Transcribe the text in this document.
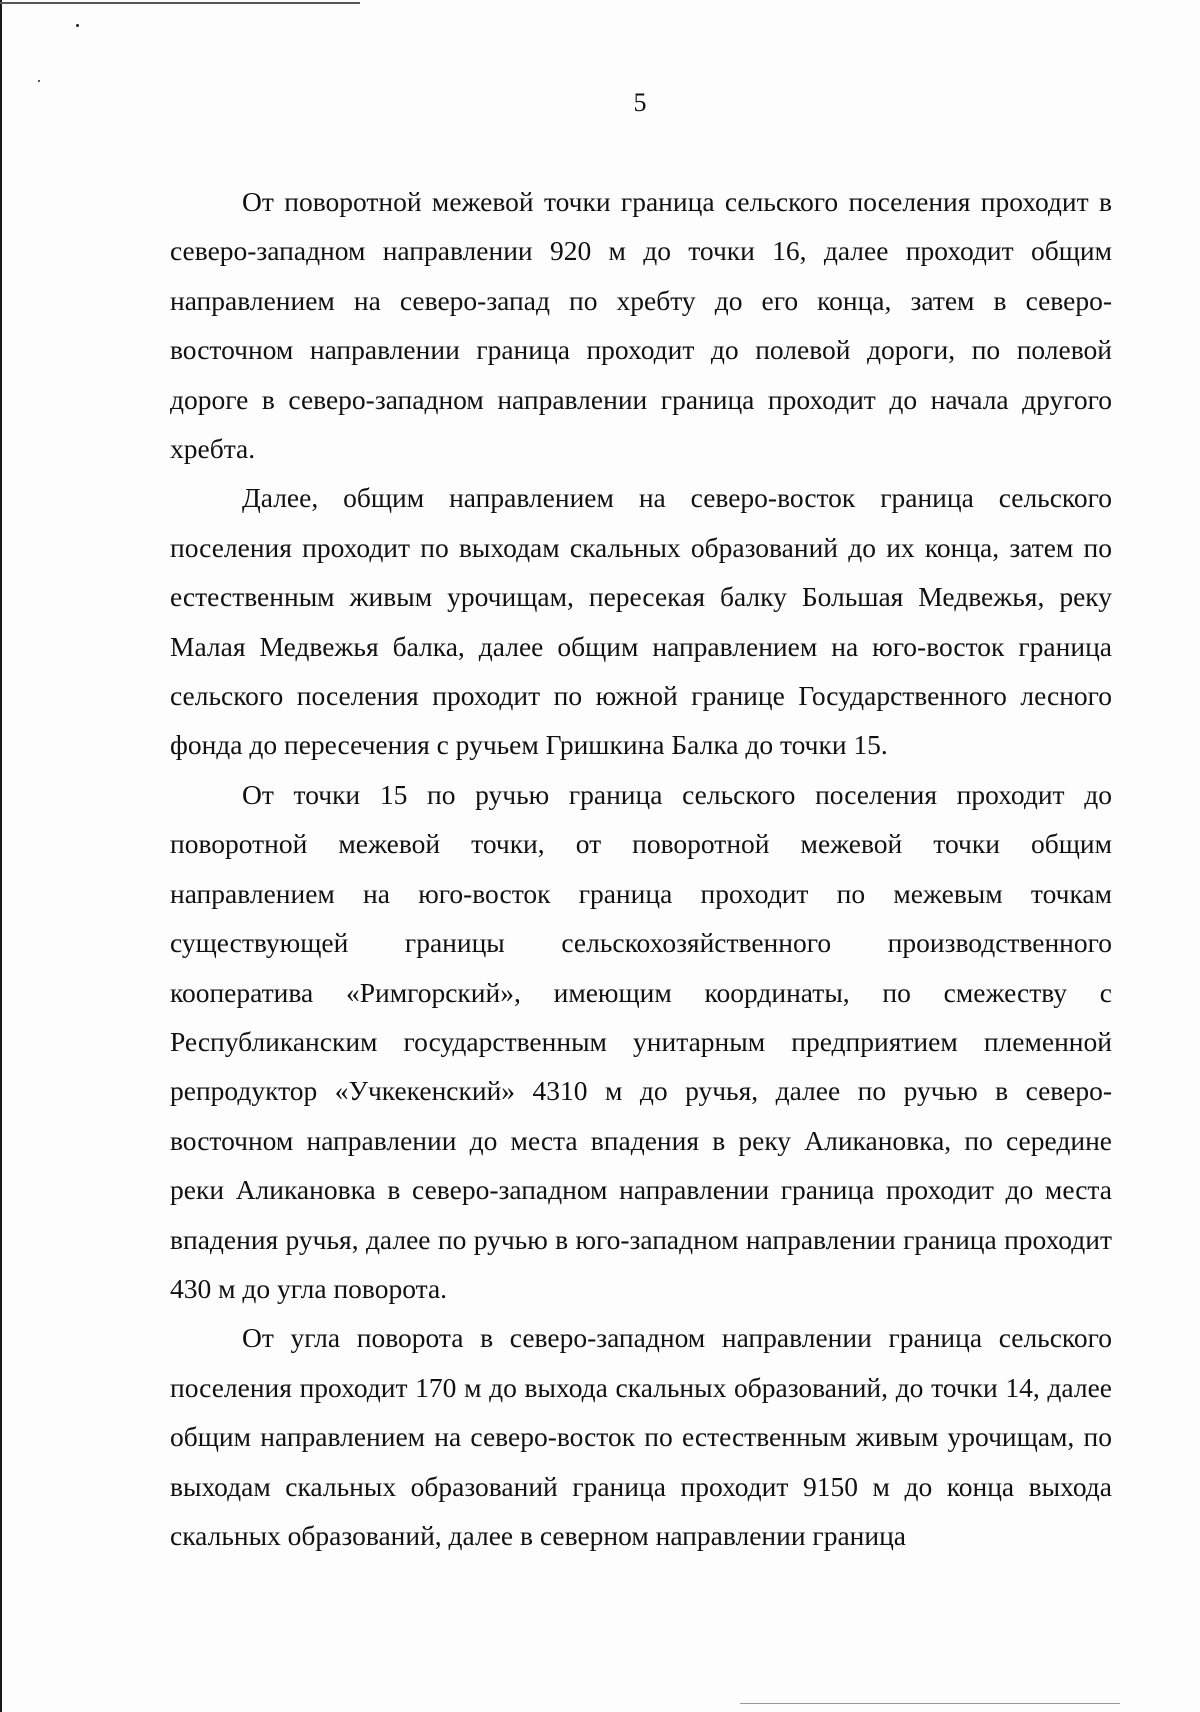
5

От поворотной межевой точки граница сельского поселения проходит в северо-западном направлении 920 м до точки 16, далее проходит общим направлением на северо-запад по хребту до его конца, затем в северо-восточном направлении граница проходит до полевой дороги, по полевой дороге в северо-западном направлении граница проходит до начала другого хребта.

Далее, общим направлением на северо-восток граница сельского поселения проходит по выходам скальных образований до их конца, затем по естественным живым урочищам, пересекая балку Большая Медвежья, реку Малая Медвежья балка, далее общим направлением на юго-восток граница сельского поселения проходит по южной границе Государственного лесного фонда до пересечения с ручьем Гришкина Балка до точки 15.

От точки 15 по ручью граница сельского поселения проходит до поворотной межевой точки, от поворотной межевой точки общим направлением на юго-восток граница проходит по межевым точкам существующей границы сельскохозяйственного производственного кооператива «Римгорский», имеющим координаты, по смежеству с Республиканским государственным унитарным предприятием племенной репродуктор «Учкекенский» 4310 м до ручья, далее по ручью в северо-восточном направлении до места впадения в реку Аликановка, по середине реки Аликановка в северо-западном направлении граница проходит до места впадения ручья, далее по ручью в юго-западном направлении граница проходит 430 м до угла поворота.

От угла поворота в северо-западном направлении граница сельского поселения проходит 170 м до выхода скальных образований, до точки 14, далее общим направлением на северо-восток по естественным живым урочищам, по выходам скальных образований граница проходит 9150 м до конца выхода скальных образований, далее в северном направлении граница
